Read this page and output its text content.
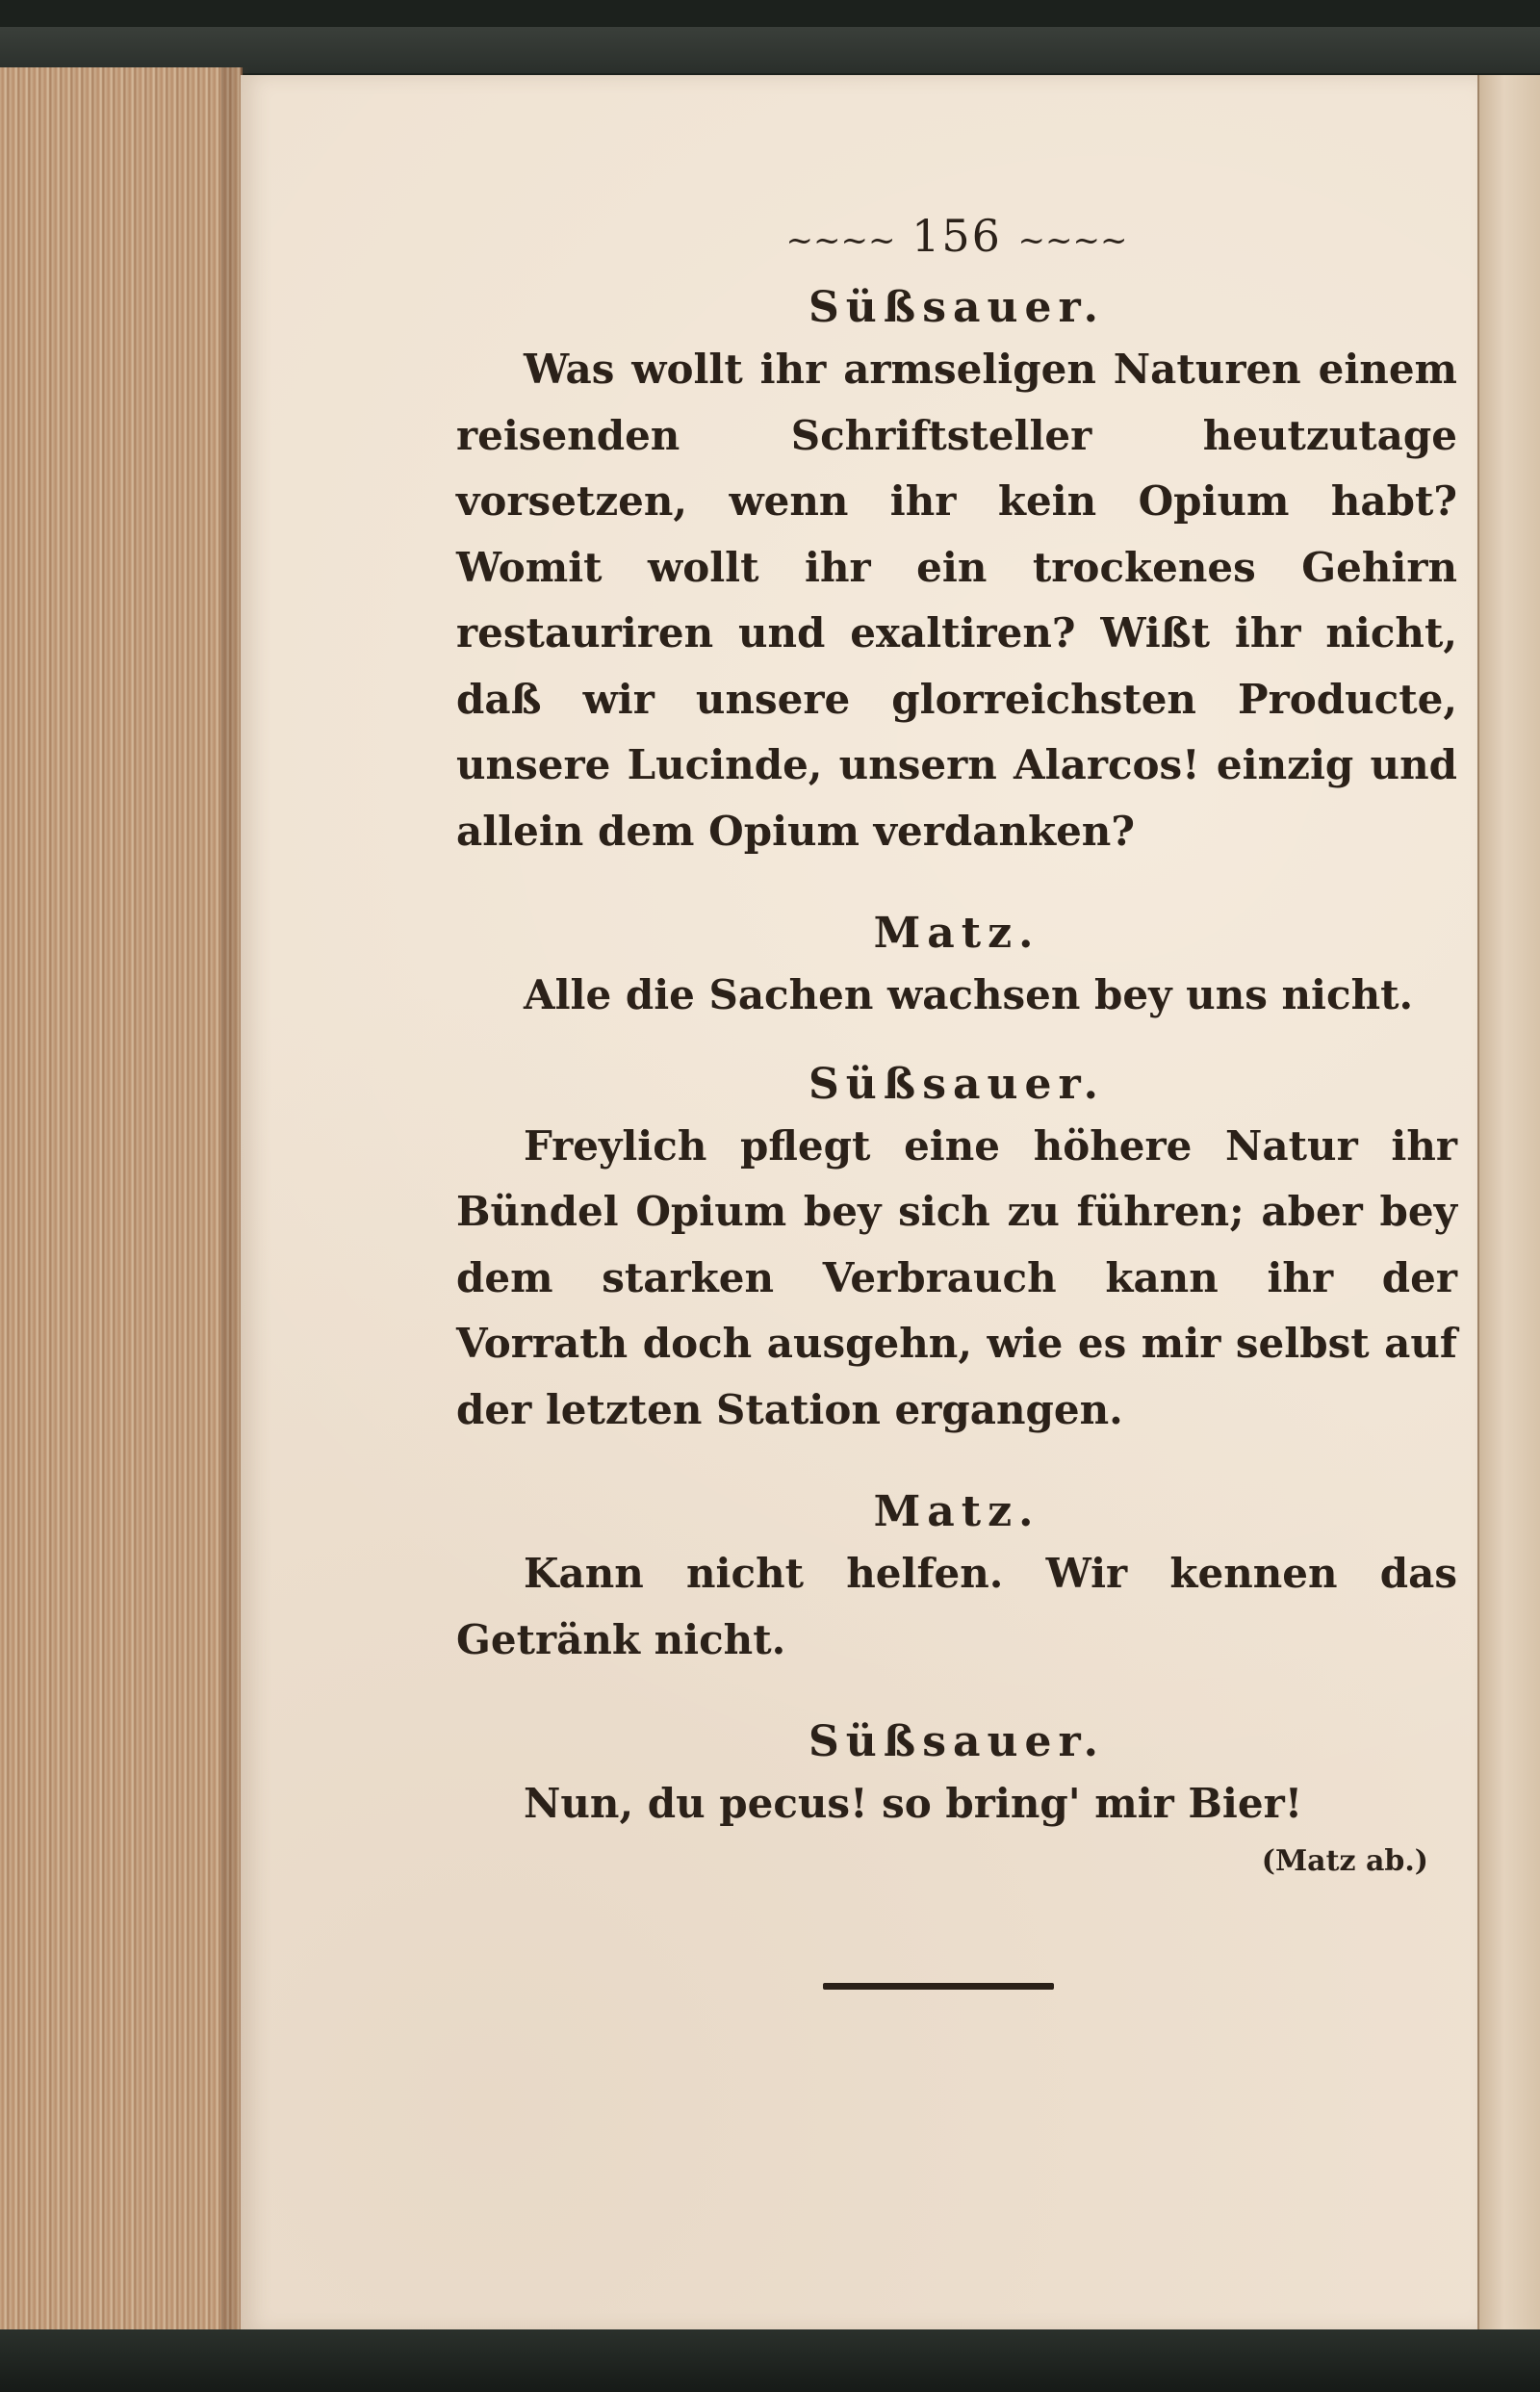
~~~~ 156 ~~~~
Süßsauer.

Was wollt ihr armseligen Naturen einem reisenden Schriftsteller heutzutage vorsetzen, wenn ihr kein Opium habt? Womit wollt ihr ein trockenes Gehirn restauriren und exaltiren? Wißt ihr nicht, daß wir unsere glorreichsten Producte, unsere Lucinde, unsern Alarcos! einzig und allein dem Opium verdanken?

Matz.

Alle die Sachen wachsen bey uns nicht.

Süßsauer.

Freylich pflegt eine höhere Natur ihr Bündel Opium bey sich zu führen; aber bey dem starken Verbrauch kann ihr der Vorrath doch ausgehn, wie es mir selbst auf der letzten Station ergangen.

Matz.

Kann nicht helfen. Wir kennen das Getränk nicht.

Süßsauer.

Nun, du pecus! so bring' mir Bier!

(Matz ab.)
